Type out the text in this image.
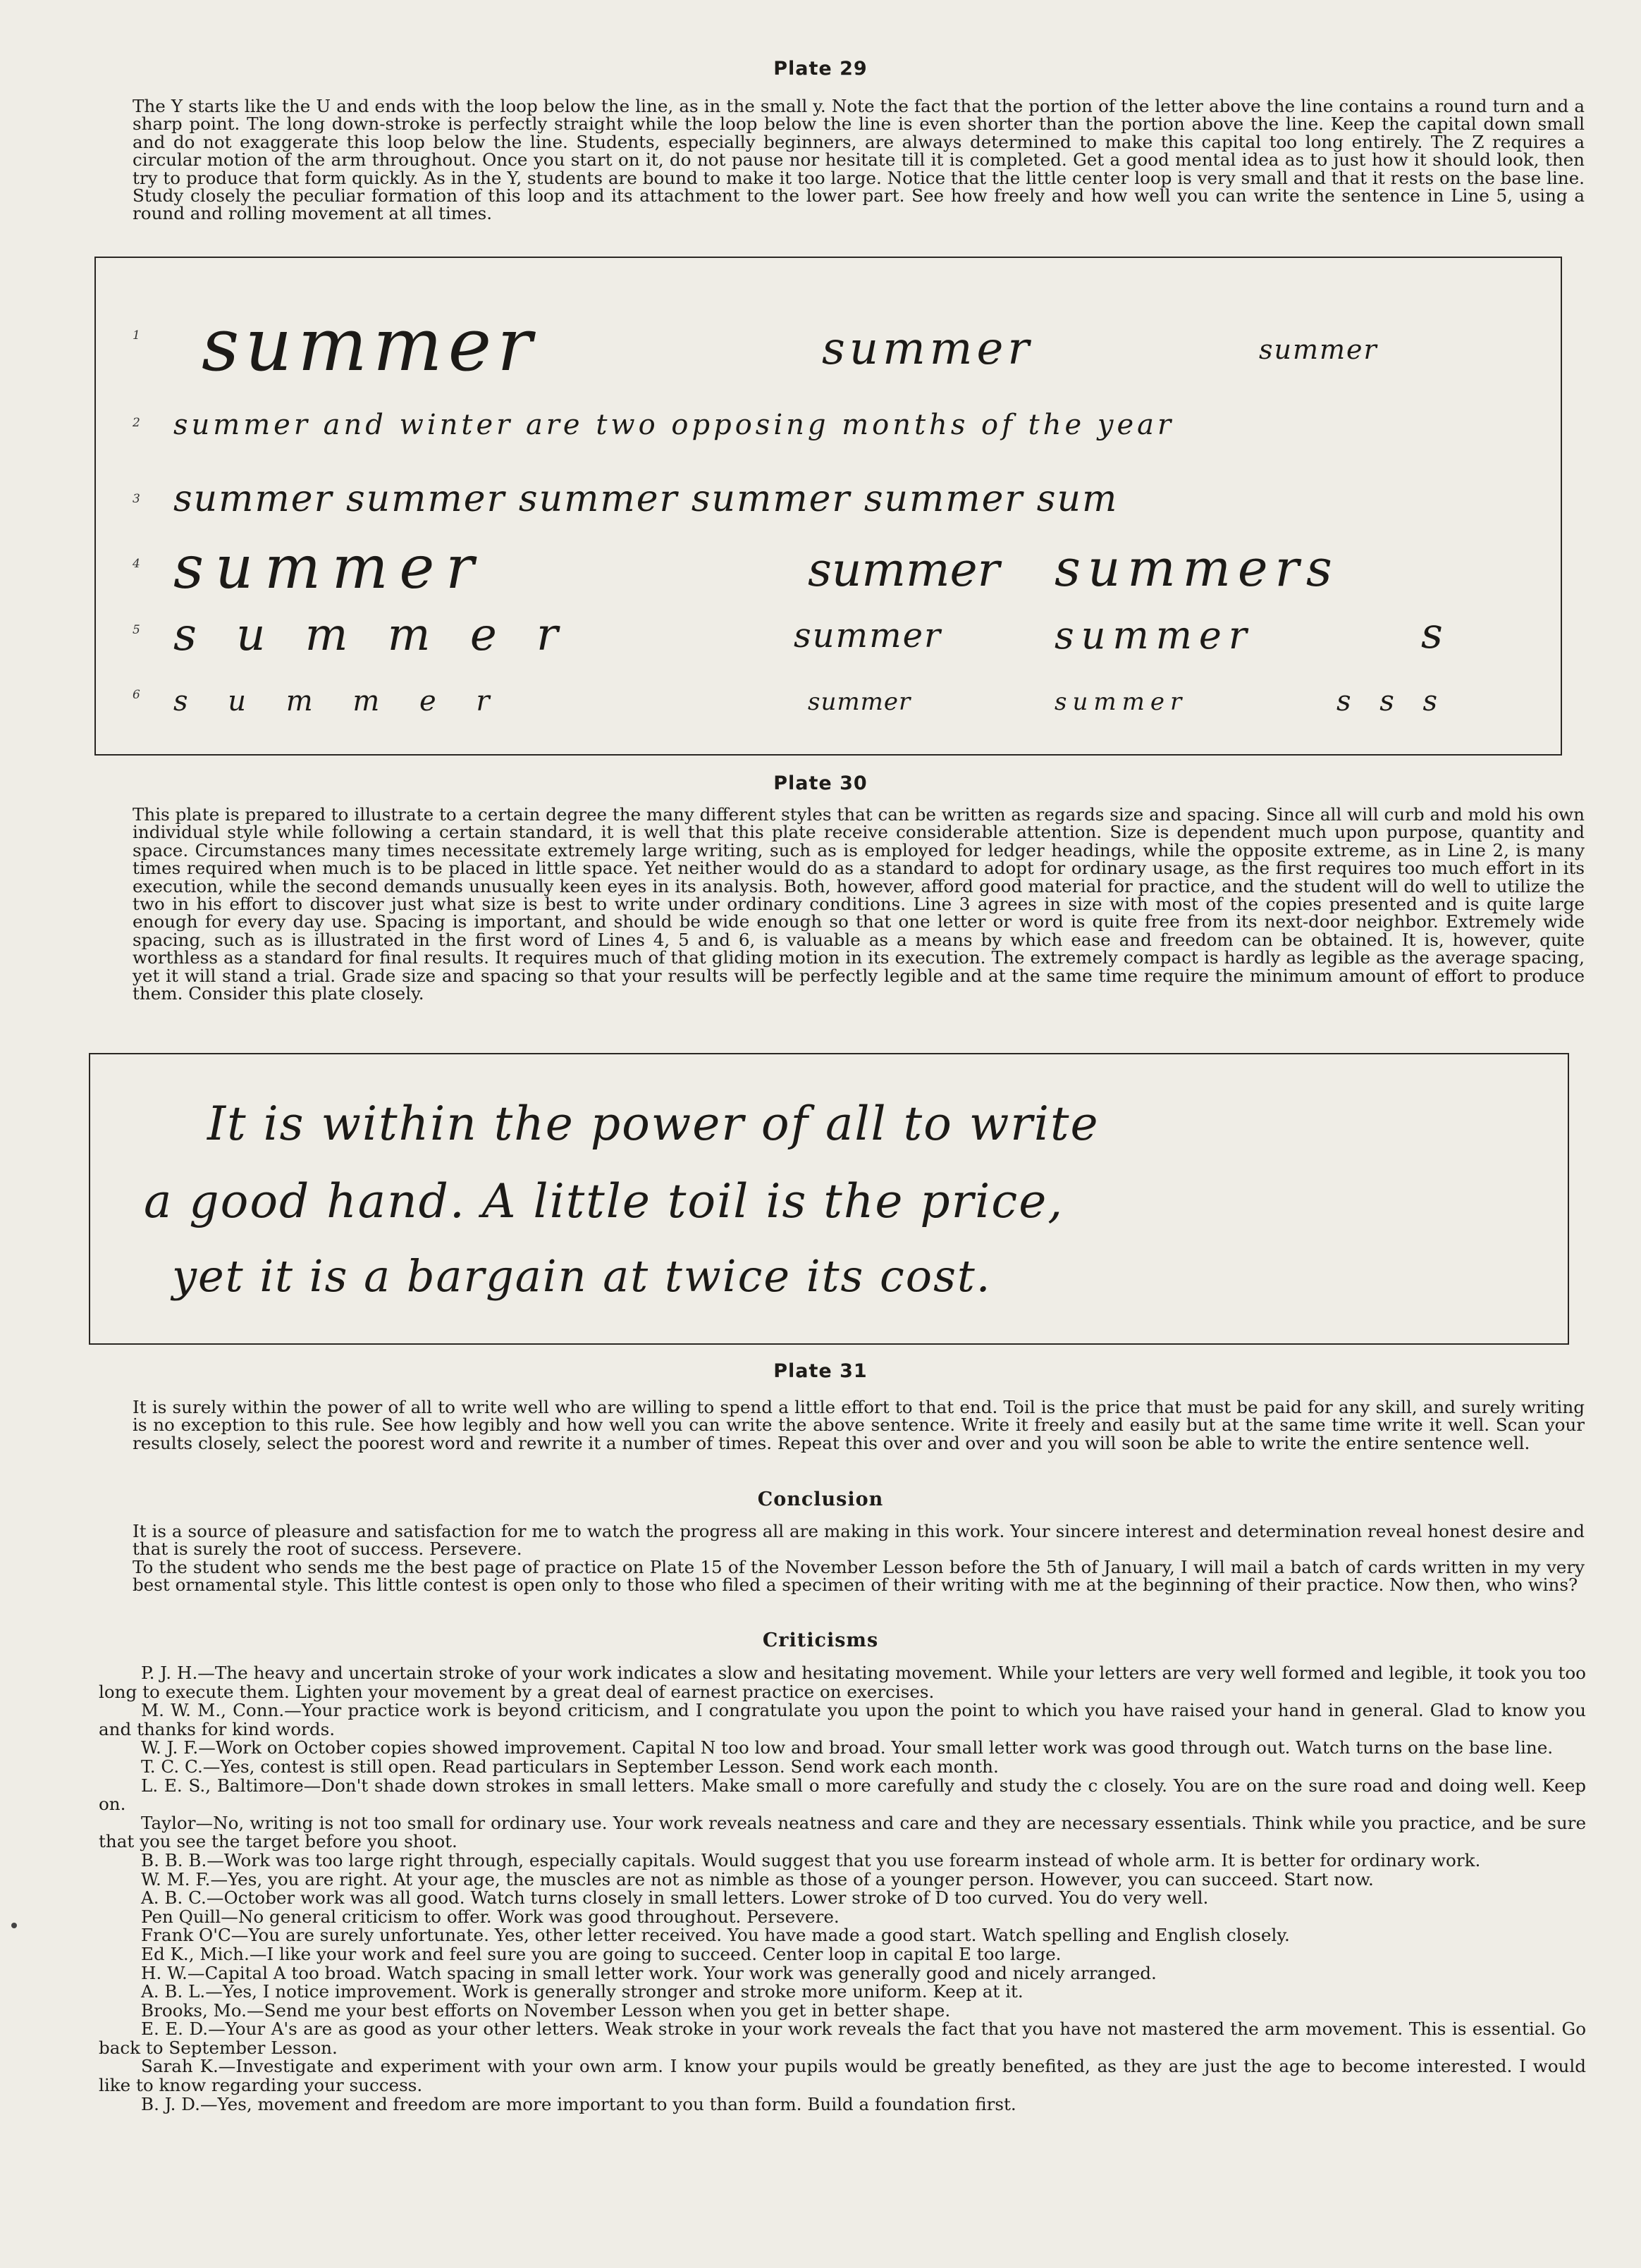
Plate 29

The Y starts like the U and ends with the loop below the line, as in the small y. Note the fact that the portion of the letter above the line contains a round turn and a sharp point. The long down-stroke is perfectly straight while the loop below the line is even shorter than the portion above the line. Keep the capital down small and do not exaggerate this loop below the line. Students, especially beginners, are always determined to make this capital too long entirely. The Z requires a circular motion of the arm throughout. Once you start on it, do not pause nor hesitate till it is completed. Get a good mental idea as to just how it should look, then try to produce that form quickly. As in the Y, students are bound to make it too large. Notice that the little center loop is very small and that it rests on the base line. Study closely the peculiar formation of this loop and its attachment to the lower part. See how freely and how well you can write the sentence in Line 5, using a round and rolling movement at all times.

1 summer	summer	summer
2 summer and winter are two opposing months of the year
3 summer summer summer summer summer sum
4 summer	summer summers
5 s u m m e r	summer	summer	s
6 s u m m e r	summer	summer	s s s
Plate 30

This plate is prepared to illustrate to a certain degree the many different styles that can be written as regards size and spacing. Since all will curb and mold his own individual style while following a certain standard, it is well that this plate receive considerable attention. Size is dependent much upon purpose, quantity and space. Circumstances many times necessitate extremely large writing, such as is employed for ledger headings, while the opposite extreme, as in Line 2, is many times required when much is to be placed in little space. Yet neither would do as a standard to adopt for ordinary usage, as the first requires too much effort in its execution, while the second demands unusually keen eyes in its analysis. Both, however, afford good material for practice, and the student will do well to utilize the two in his effort to discover just what size is best to write under ordinary conditions. Line 3 agrees in size with most of the copies presented and is quite large enough for every day use. Spacing is important, and should be wide enough so that one letter or word is quite free from its next-door neighbor. Extremely wide spacing, such as is illustrated in the first word of Lines 4, 5 and 6, is valuable as a means by which ease and freedom can be obtained. It is, however, quite worthless as a standard for final results. It requires much of that gliding motion in its execution. The extremely compact is hardly as legible as the average spacing, yet it will stand a trial. Grade size and spacing so that your results will be perfectly legible and at the same time require the minimum amount of effort to produce them. Consider this plate closely.

It is within the power of all to write
a good hand. A little toil is the price,
yet it is a bargain at twice its cost.
Plate 31

It is surely within the power of all to write well who are willing to spend a little effort to that end. Toil is the price that must be paid for any skill, and surely writing is no exception to this rule. See how legibly and how well you can write the above sentence. Write it freely and easily but at the same time write it well. Scan your results closely, select the poorest word and rewrite it a number of times. Repeat this over and over and you will soon be able to write the entire sentence well.

Conclusion

It is a source of pleasure and satisfaction for me to watch the progress all are making in this work. Your sincere interest and determination reveal honest desire and that is surely the root of success. Persevere.

To the student who sends me the best page of practice on Plate 15 of the November Lesson before the 5th of January, I will mail a batch of cards written in my very best ornamental style. This little contest is open only to those who filed a specimen of their writing with me at the beginning of their practice. Now then, who wins?

Criticisms

P. J. H.—The heavy and uncertain stroke of your work indicates a slow and hesitating movement. While your letters are very well formed and legible, it took you too long to execute them. Lighten your movement by a great deal of earnest practice on exercises.

M. W. M., Conn.—Your practice work is beyond criticism, and I congratulate you upon the point to which you have raised your hand in general. Glad to know you and thanks for kind words.

W. J. F.—Work on October copies showed improvement. Capital N too low and broad. Your small letter work was good through out. Watch turns on the base line.

T. C. C.—Yes, contest is still open. Read particulars in September Lesson. Send work each month.

L. E. S., Baltimore—Don't shade down strokes in small letters. Make small o more carefully and study the c closely. You are on the sure road and doing well. Keep on.

Taylor—No, writing is not too small for ordinary use. Your work reveals neatness and care and they are necessary essentials. Think while you practice, and be sure that you see the target before you shoot.

B. B. B.—Work was too large right through, especially capitals. Would suggest that you use forearm instead of whole arm. It is better for ordinary work.

W. M. F.—Yes, you are right. At your age, the muscles are not as nimble as those of a younger person. However, you can succeed. Start now.

A. B. C.—October work was all good. Watch turns closely in small letters. Lower stroke of D too curved. You do very well.

Pen Quill—No general criticism to offer. Work was good throughout. Persevere.

Frank O'C—You are surely unfortunate. Yes, other letter received. You have made a good start. Watch spelling and English closely.

Ed K., Mich.—I like your work and feel sure you are going to succeed. Center loop in capital E too large.

H. W.—Capital A too broad. Watch spacing in small letter work. Your work was generally good and nicely arranged.

A. B. L.—Yes, I notice improvement. Work is generally stronger and stroke more uniform. Keep at it.

Brooks, Mo.—Send me your best efforts on November Lesson when you get in better shape.

E. E. D.—Your A's are as good as your other letters. Weak stroke in your work reveals the fact that you have not mastered the arm movement. This is essential. Go back to September Lesson.

Sarah K.—Investigate and experiment with your own arm. I know your pupils would be greatly benefited, as they are just the age to become interested. I would like to know regarding your success.

B. J. D.—Yes, movement and freedom are more important to you than form. Build a foundation first.
